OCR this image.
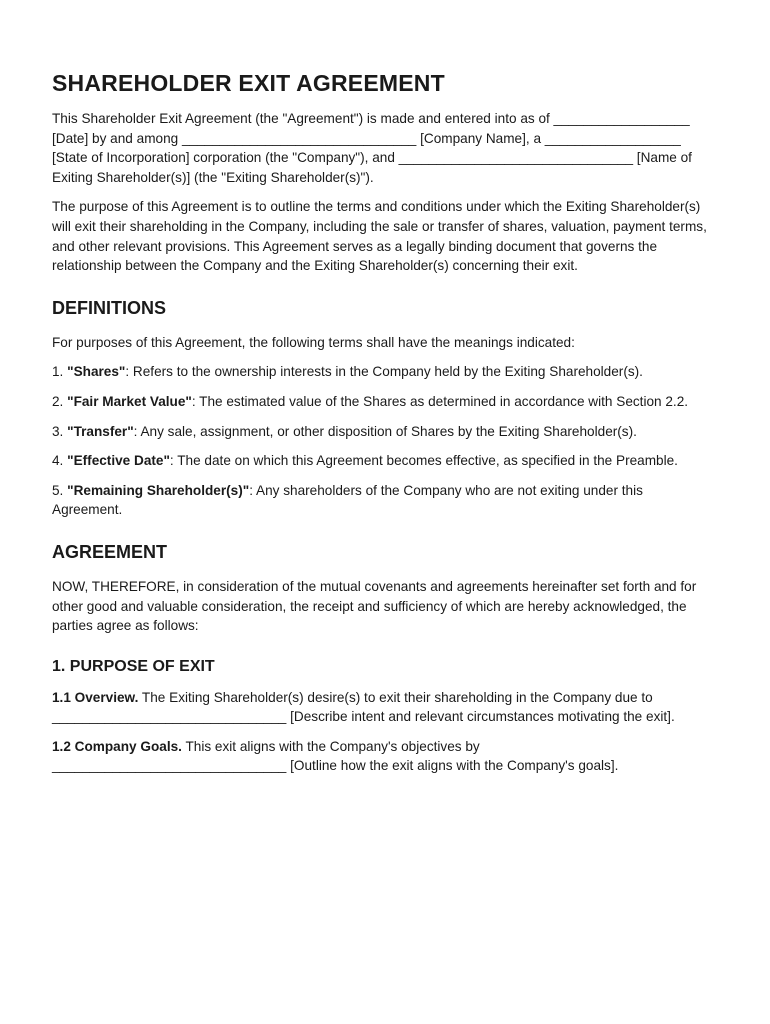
SHAREHOLDER EXIT AGREEMENT

This Shareholder Exit Agreement (the "Agreement") is made and entered into as of __________________ [Date] by and among _______________________________ [Company Name], a __________________ [State of Incorporation] corporation (the "Company"), and _______________________________ [Name of Exiting Shareholder(s)] (the "Exiting Shareholder(s)").

The purpose of this Agreement is to outline the terms and conditions under which the Exiting Shareholder(s) will exit their shareholding in the Company, including the sale or transfer of shares, valuation, payment terms, and other relevant provisions. This Agreement serves as a legally binding document that governs the relationship between the Company and the Exiting Shareholder(s) concerning their exit.

DEFINITIONS

For purposes of this Agreement, the following terms shall have the meanings indicated:

1. "Shares": Refers to the ownership interests in the Company held by the Exiting Shareholder(s).

2. "Fair Market Value": The estimated value of the Shares as determined in accordance with Section 2.2.

3. "Transfer": Any sale, assignment, or other disposition of Shares by the Exiting Shareholder(s).

4. "Effective Date": The date on which this Agreement becomes effective, as specified in the Preamble.

5. "Remaining Shareholder(s)": Any shareholders of the Company who are not exiting under this Agreement.

AGREEMENT

NOW, THEREFORE, in consideration of the mutual covenants and agreements hereinafter set forth and for other good and valuable consideration, the receipt and sufficiency of which are hereby acknowledged, the parties agree as follows:

1. PURPOSE OF EXIT

1.1 Overview. The Exiting Shareholder(s) desire(s) to exit their shareholding in the Company due to _______________________________ [Describe intent and relevant circumstances motivating the exit].

1.2 Company Goals. This exit aligns with the Company's objectives by _______________________________ [Outline how the exit aligns with the Company's goals].
